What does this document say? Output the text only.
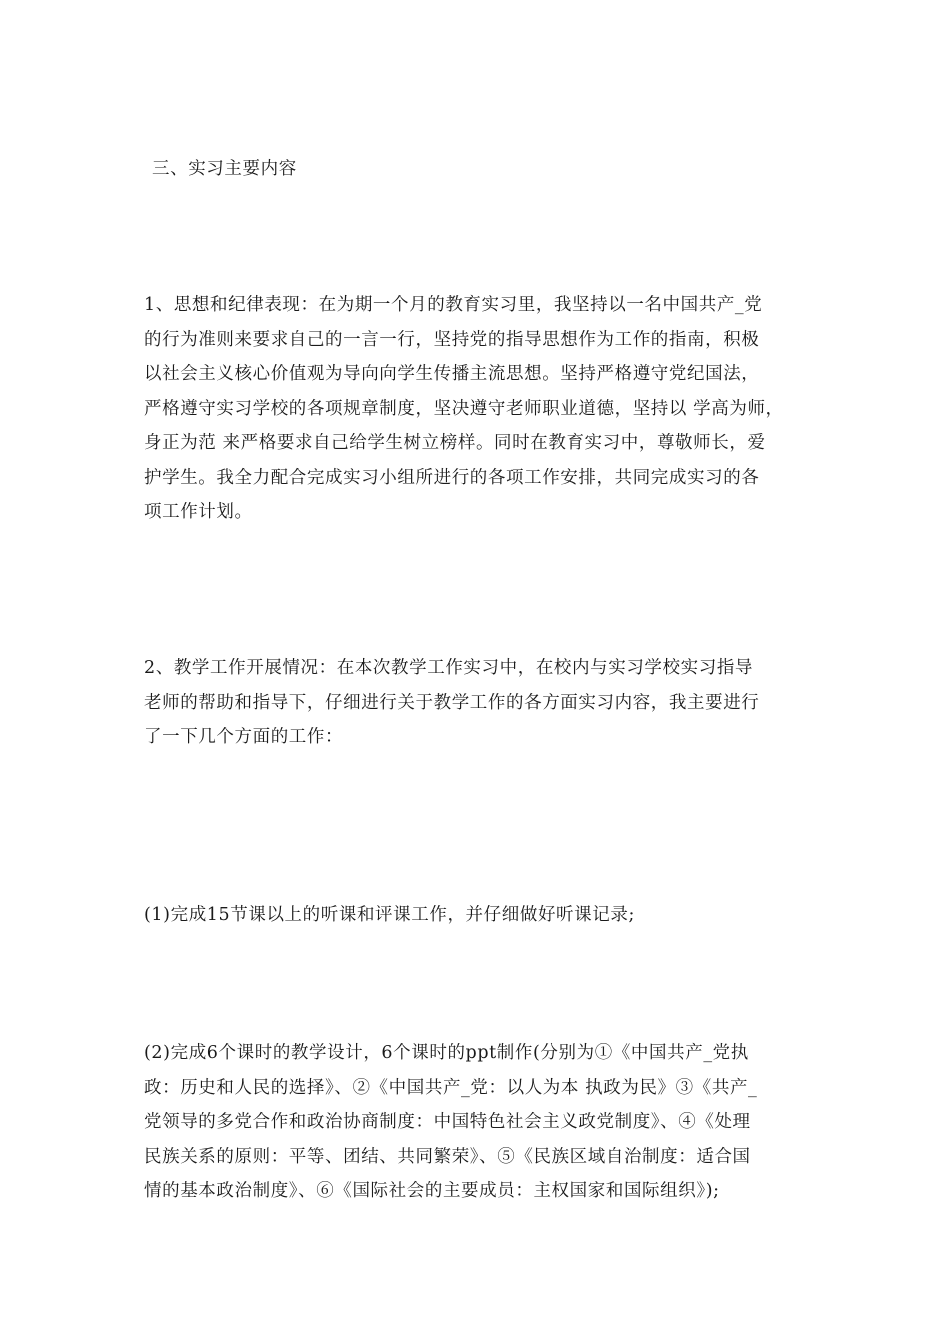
三、实习主要内容

1、思想和纪律表现：在为期一个月的教育实习里，我坚持以一名中国共产_党
的行为准则来要求自己的一言一行，坚持党的指导思想作为工作的指南，积极
以社会主义核心价值观为导向向学生传播主流思想。坚持严格遵守党纪国法，
严格遵守实习学校的各项规章制度，坚决遵守老师职业道德，坚持以 学高为师，
身正为范 来严格要求自己给学生树立榜样。同时在教育实习中，尊敬师长，爱
护学生。我全力配合完成实习小组所进行的各项工作安排，共同完成实习的各
项工作计划。

2、教学工作开展情况：在本次教学工作实习中，在校内与实习学校实习指导
老师的帮助和指导下，仔细进行关于教学工作的各方面实习内容，我主要进行
了一下几个方面的工作：

(1)完成15节课以上的听课和评课工作，并仔细做好听课记录;

(2)完成6个课时的教学设计，6个课时的ppt制作(分别为①《中国共产_党执
政：历史和人民的选择》、②《中国共产_党：以人为本 执政为民》③《共产_
党领导的多党合作和政治协商制度：中国特色社会主义政党制度》、④《处理
民族关系的原则：平等、团结、共同繁荣》、⑤《民族区域自治制度：适合国
情的基本政治制度》、⑥《国际社会的主要成员：主权国家和国际组织》);
